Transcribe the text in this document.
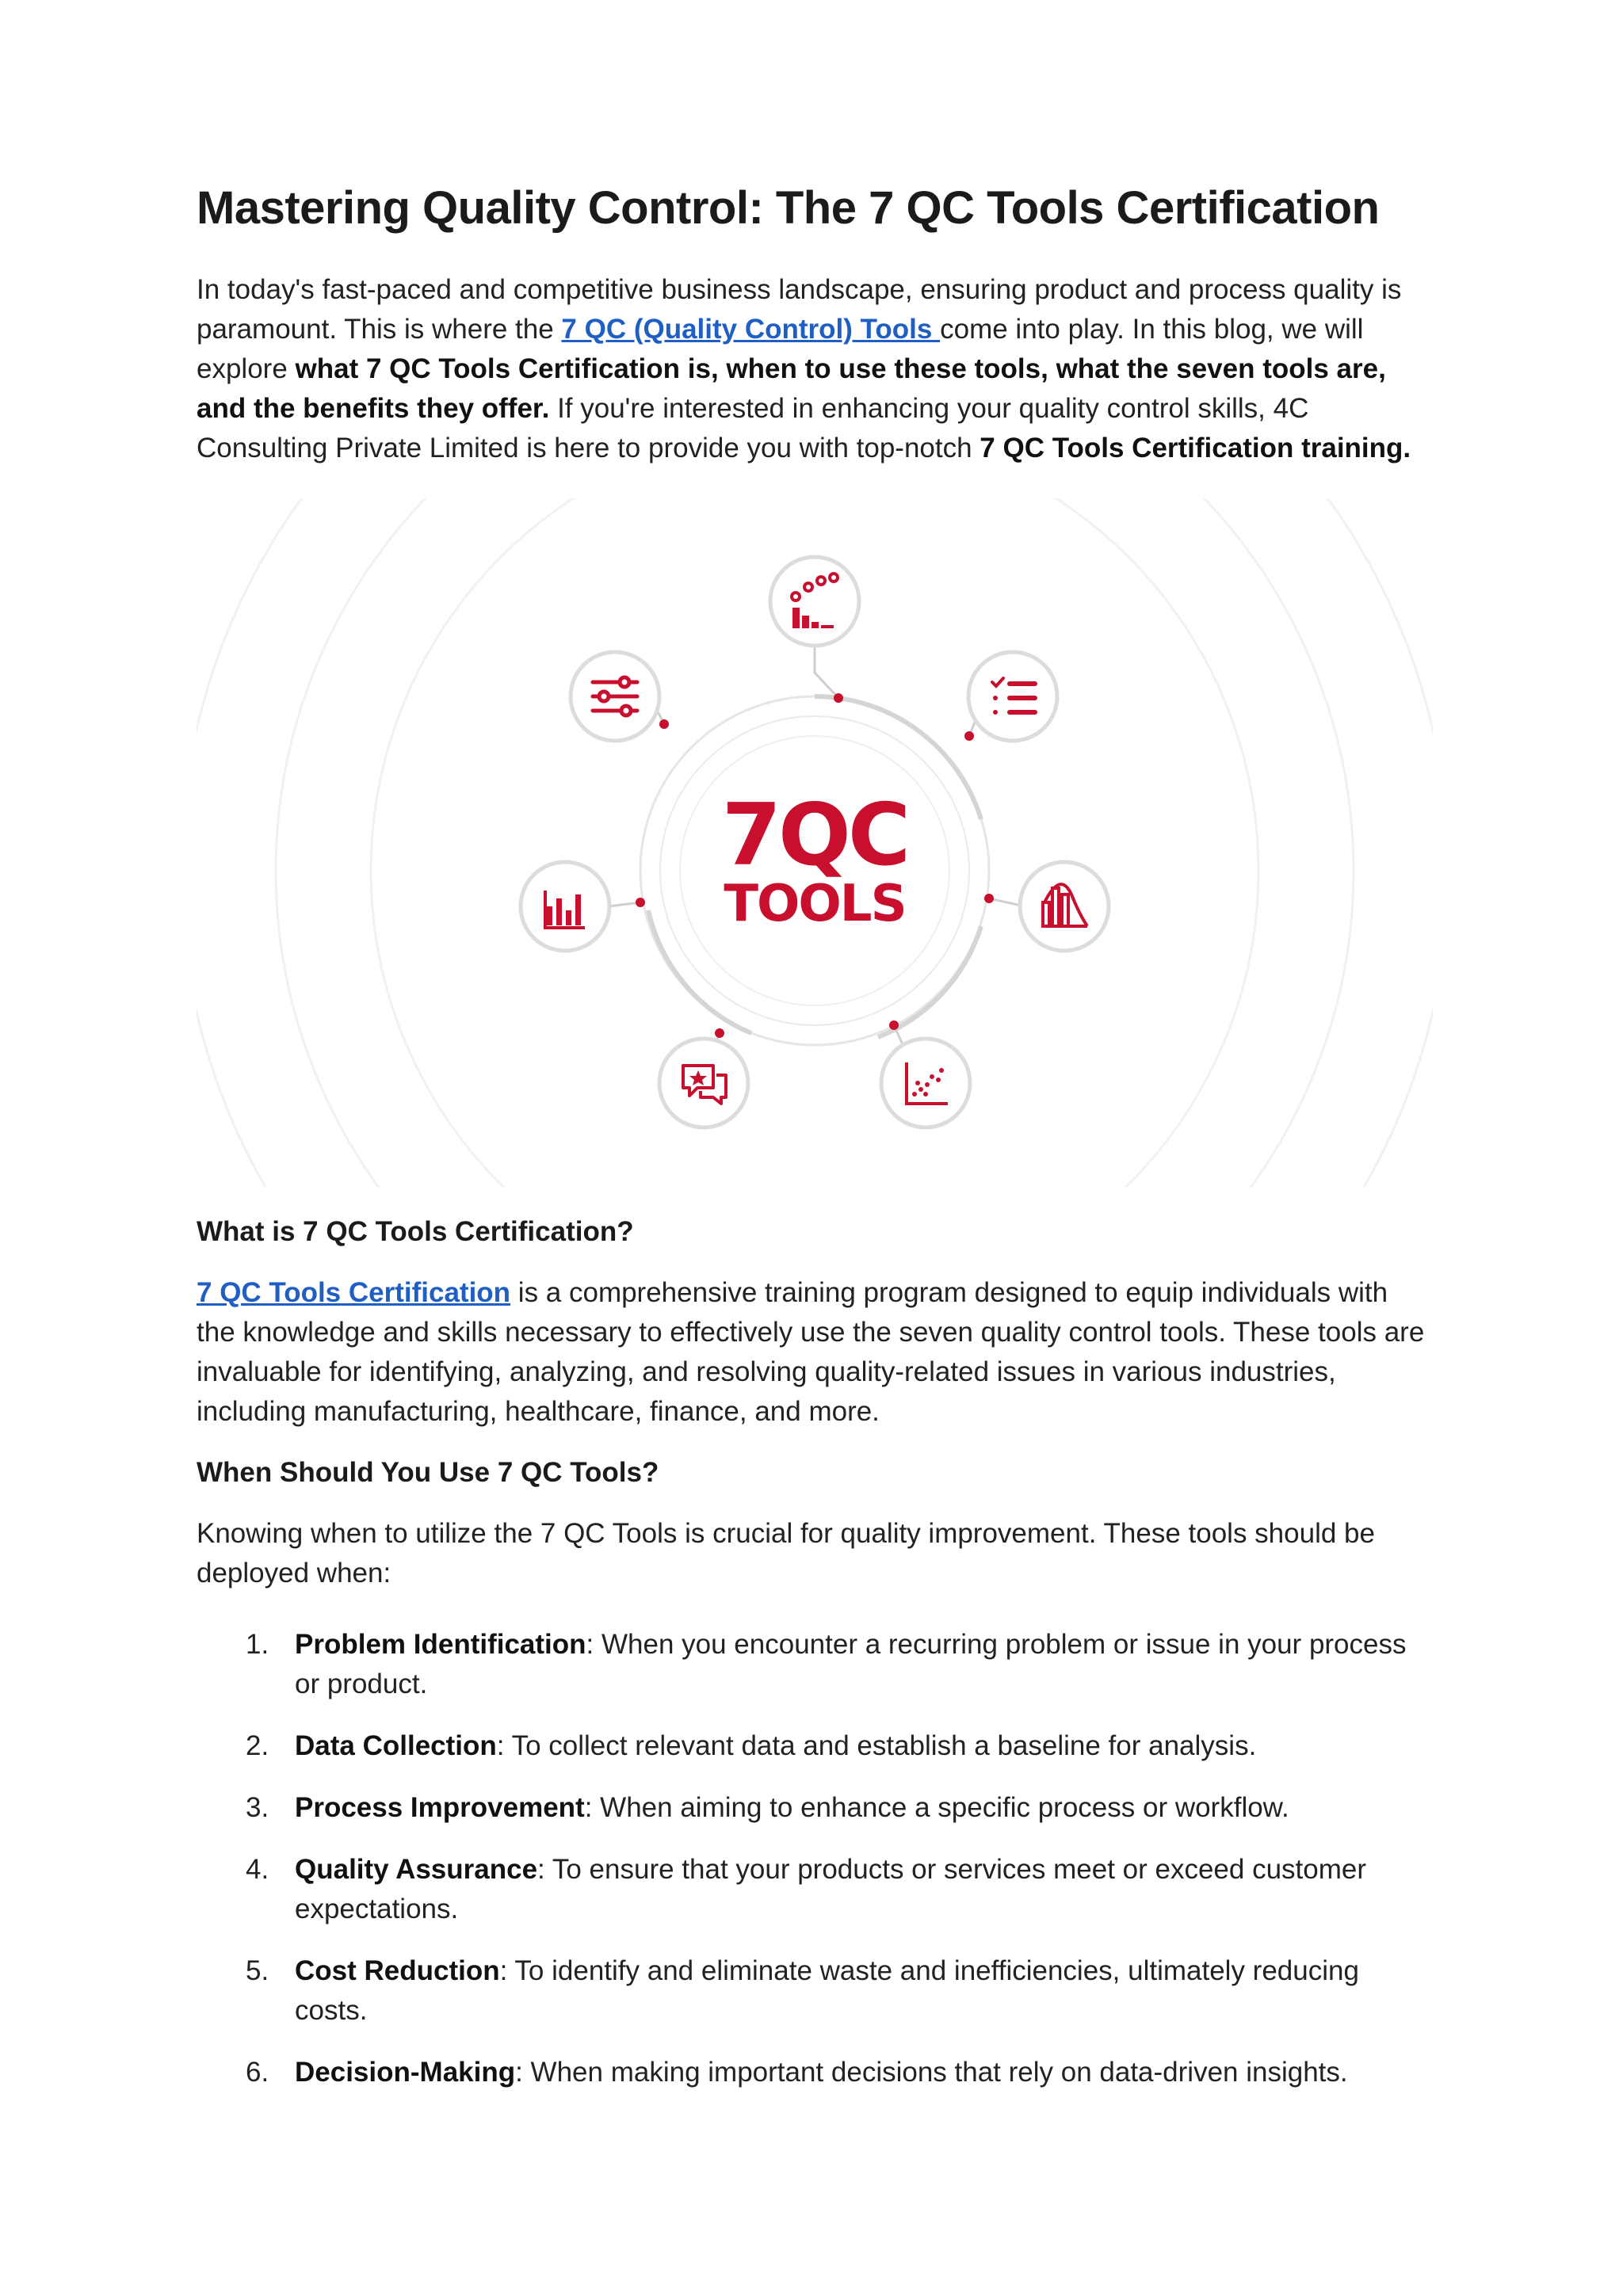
Mastering Quality Control: The 7 QC Tools Certification

In today's fast-paced and competitive business landscape, ensuring product and process quality is paramount. This is where the 7 QC (Quality Control) Tools come into play. In this blog, we will explore what 7 QC Tools Certification is, when to use these tools, what the seven tools are, and the benefits they offer. If you're interested in enhancing your quality control skills, 4C Consulting Private Limited is here to provide you with top-notch 7 QC Tools Certification training.

7QC
TOOLS
What is 7 QC Tools Certification?

7 QC Tools Certification is a comprehensive training program designed to equip individuals with the knowledge and skills necessary to effectively use the seven quality control tools. These tools are invaluable for identifying, analyzing, and resolving quality-related issues in various industries, including manufacturing, healthcare, finance, and more.

When Should You Use 7 QC Tools?

Knowing when to utilize the 7 QC Tools is crucial for quality improvement. These tools should be deployed when:

1. Problem Identification: When you encounter a recurring problem or issue in your process or product.
2. Data Collection: To collect relevant data and establish a baseline for analysis.
3. Process Improvement: When aiming to enhance a specific process or workflow.
4. Quality Assurance: To ensure that your products or services meet or exceed customer expectations.
5. Cost Reduction: To identify and eliminate waste and inefficiencies, ultimately reducing costs.
6. Decision-Making: When making important decisions that rely on data-driven insights.
